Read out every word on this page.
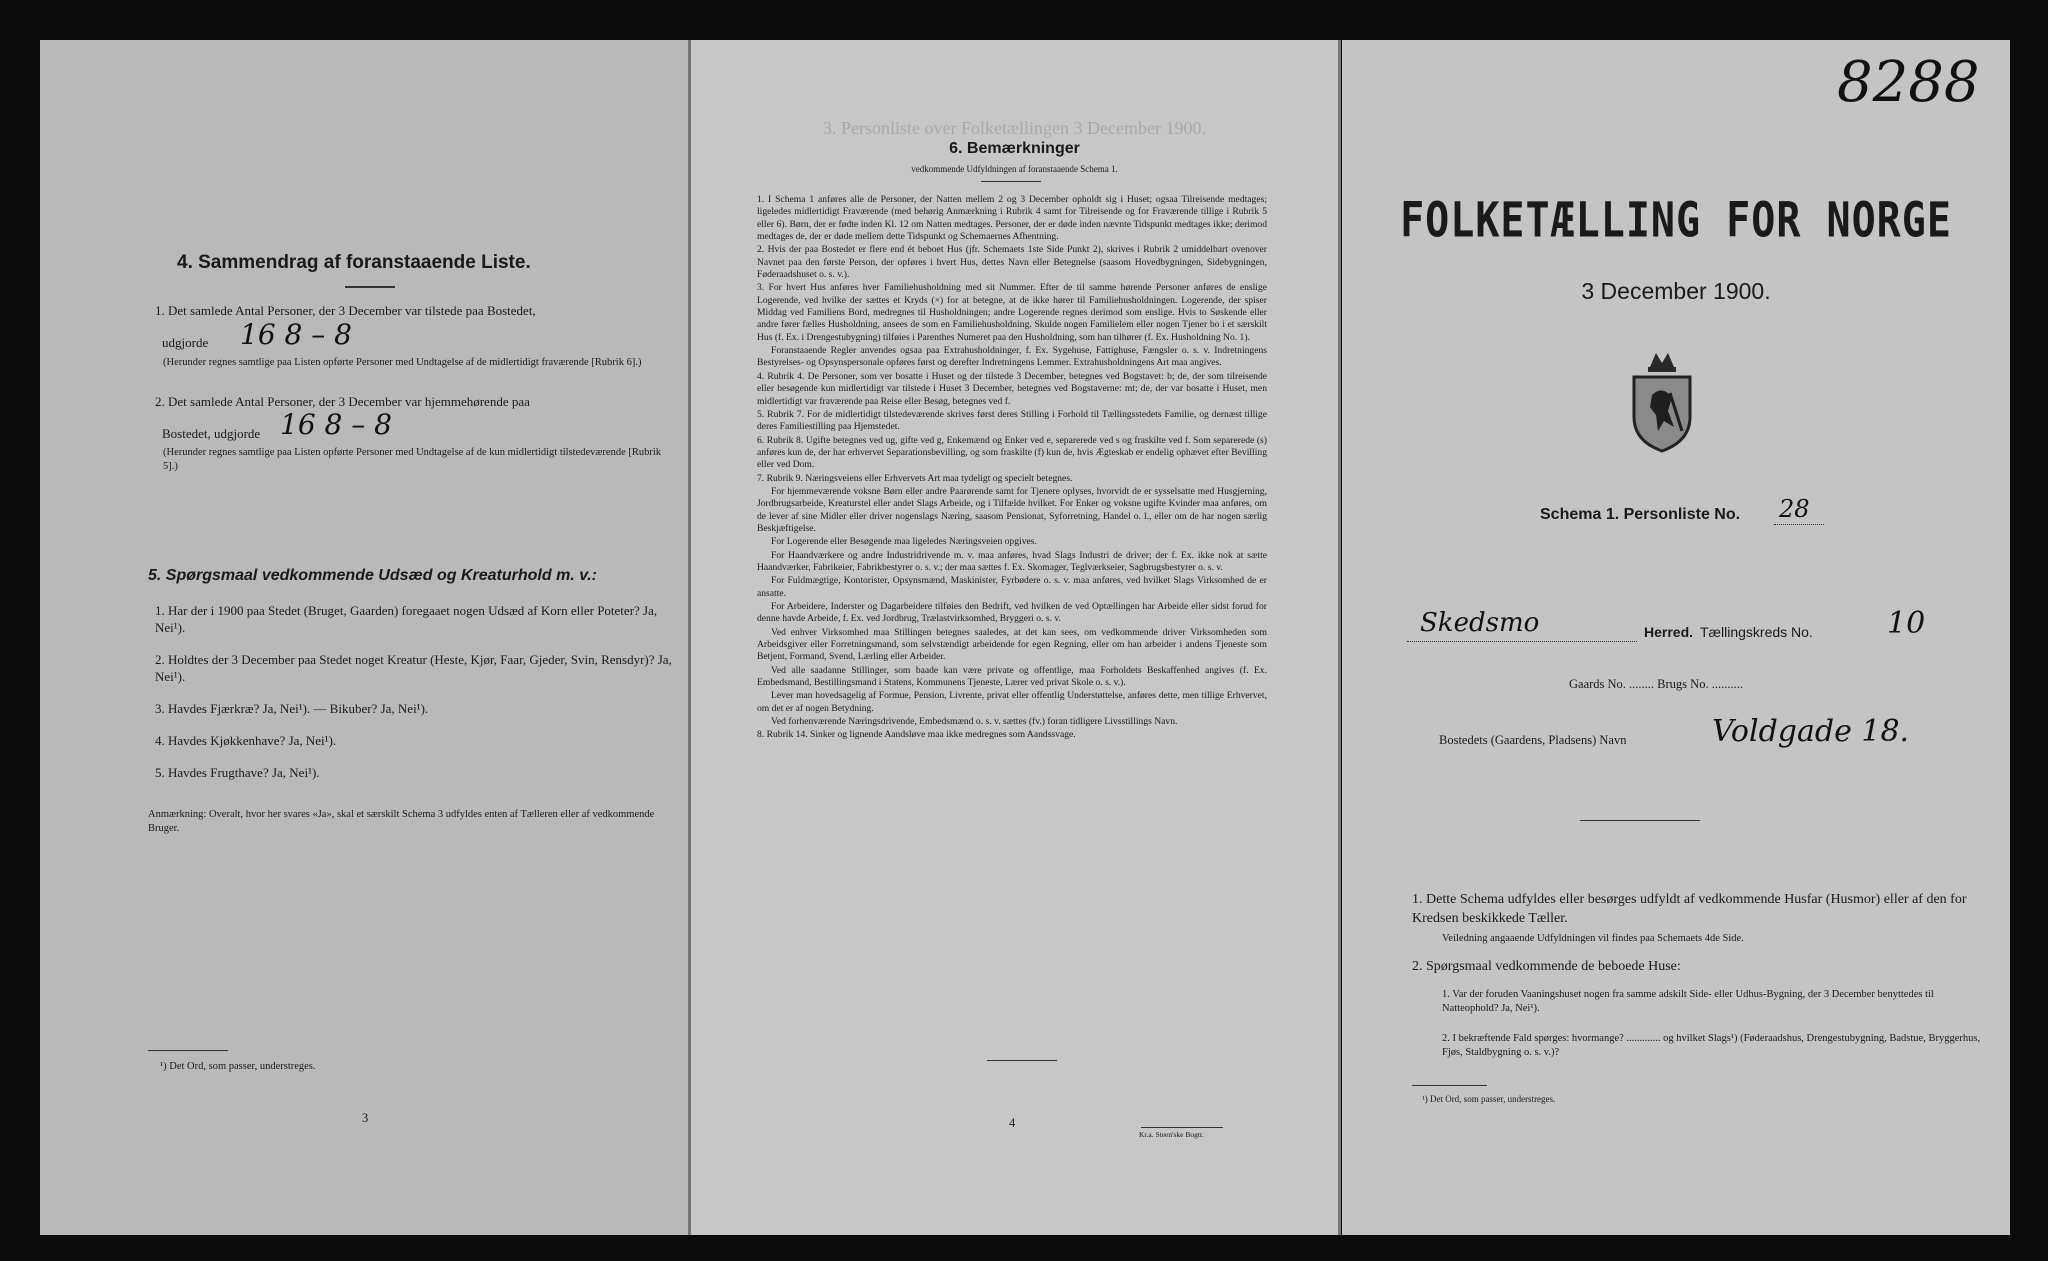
4. Sammendrag af foranstaaende Liste.
1. Det samlede Antal Personer, der 3 December var tilstede paa Bostedet,
udgjorde 16 8 – 8
(Herunder regnes samtlige paa Listen opførte Personer med Undtagelse af de midlertidigt fraværende [Rubrik 6].)
2. Det samlede Antal Personer, der 3 December var hjemmehørende paa
Bostedet, udgjorde 16 8 – 8
(Herunder regnes samtlige paa Listen opførte Personer med Undtagelse af de kun midlertidigt tilstedeværende [Rubrik 5].)
5. Spørgsmaal vedkommende Udsæd og Kreaturhold m. v.:
1. Har der i 1900 paa Stedet (Bruget, Gaarden) foregaaet nogen Udsæd af Korn eller Poteter? Ja, Nei¹).
2. Holdtes der 3 December paa Stedet noget Kreatur (Heste, Kjør, Faar, Gjeder, Svin, Rensdyr)? Ja, Nei¹).
3. Havdes Fjærkræ? Ja, Nei¹). — Bikuber? Ja, Nei¹).
4. Havdes Kjøkkenhave? Ja, Nei¹).
5. Havdes Frugthave? Ja, Nei¹).
Anmærkning: Overalt, hvor her svares «Ja», skal et særskilt Schema 3 udfyldes enten af Tælleren eller af vedkommende Bruger.
¹) Det Ord, som passer, understreges.
3
3. Personliste over Folketællingen 3 December 1900.
6. Bemærkninger
vedkommende Udfyldningen af foranstaaende Schema 1.
1. I Schema 1 anføres alle de Personer, der Natten mellem 2 og 3 December opholdt sig i Huset; ogsaa Tilreisende medtages; ligeledes midlertidigt Fraværende (med behørig Anmærkning i Rubrik 4 samt for Tilreisende og for Fraværende tillige i Rubrik 5 eller 6). Børn, der er fødte inden Kl. 12 om Natten medtages. Personer, der er døde inden nævnte Tidspunkt medtages ikke; derimod medtages de, der er døde mellem dette Tidspunkt og Schemaernes Afhentning.
2. Hvis der paa Bostedet er flere end ét beboet Hus (jfr. Schemaets 1ste Side Punkt 2), skrives i Rubrik 2 umiddelbart ovenover Navnet paa den første Person, der opføres i hvert Hus, dettes Navn eller Betegnelse (saasom Hovedbygningen, Sidebygningen, Føderaadshuset o. s. v.).
3. For hvert Hus anføres hver Familiehusholdning med sit Nummer. Efter de til samme hørende Personer anføres de enslige Logerende, ved hvilke der sættes et Kryds (×) for at betegne, at de ikke hører til Familiehusholdningen. Logerende, der spiser Middag ved Familiens Bord, medregnes til Husholdningen; andre Logerende regnes derimod som enslige. Hvis to Søskende eller andre fører fælles Husholdning, ansees de som en Familiehusholdning. Skulde nogen Familielem eller nogen Tjener bo i et særskilt Hus (f. Ex. i Drengestubygning) tilføies i Parenthes Numeret paa den Husholdning, som han tilhører (f. Ex. Husholdning No. 1).
Foranstaaende Regler anvendes ogsaa paa Extrahusholdninger, f. Ex. Sygehuse, Fattighuse, Fængsler o. s. v. Indretningens Bestyrelses- og Opsynspersonale opføres først og derefter Indretningens Lemmer. Extrahusholdningens Art maa angives.
4. Rubrik 4. De Personer, som ver bosatte i Huset og der tilstede 3 December, betegnes ved Bogstavet: b; de, der som tilreisende eller besøgende kun midlertidigt var tilstede i Huset 3 December, betegnes ved Bogstaverne: mt; de, der var bosatte i Huset, men midlertidigt var fraværende paa Reise eller Besøg, betegnes ved f.
5. Rubrik 7. For de midlertidigt tilstedeværende skrives først deres Stilling i Forhold til Tællingsstedets Familie, og dernæst tillige deres Familiestilling paa Hjemstedet.
6. Rubrik 8. Ugifte betegnes ved ug, gifte ved g, Enkemænd og Enker ved e, separerede ved s og fraskilte ved f. Som separerede (s) anføres kun de, der har erhvervet Separationsbevilling, og som fraskilte (f) kun de, hvis Ægteskab er endelig ophævet efter Bevilling eller ved Dom.
7. Rubrik 9. Næringsveiens eller Erhvervets Art maa tydeligt og specielt betegnes.
For hjemmeværende voksne Børn eller andre Paarørende samt for Tjenere oplyses, hvorvidt de er sysselsatte med Husgjerning, Jordbrugsarbeide, Kreaturstel eller andet Slags Arbeide, og i Tilfælde hvilket. For Enker og voksne ugifte Kvinder maa anføres, om de lever af sine Midler eller driver nogenslags Næring, saasom Pensionat, Syforretning, Handel o. l., eller om de har nogen særlig Beskjæftigelse.
For Logerende eller Besøgende maa ligeledes Næringsveien opgives.
For Haandværkere og andre Industridrivende m. v. maa anføres, hvad Slags Industri de driver; der f. Ex. ikke nok at sætte Haandværker, Fabrikeier, Fabrikbestyrer o. s. v.; der maa sættes f. Ex. Skomager, Teglværkseier, Sagbrugsbestyrer o. s. v.
For Fuldmægtige, Kontorister, Opsynsmænd, Maskinister, Fyrbødere o. s. v. maa anføres, ved hvilket Slags Virksomhed de er ansatte.
For Arbeidere, Inderster og Dagarbeidere tilføies den Bedrift, ved hvilken de ved Optællingen har Arbeide eller sidst forud for denne havde Arbeide, f. Ex. ved Jordbrug, Trælastvirksomhed, Bryggeri o. s. v.
Ved enhver Virksomhed maa Stillingen betegnes saaledes, at det kan sees, om vedkommende driver Virksomheden som Arbeidsgiver eller Forretningsmand, som selvstændigt arbeidende for egen Regning, eller om han arbeider i andens Tjeneste som Betjent, Formand, Svend, Lærling eller Arbeider.
Ved alle saadanne Stillinger, som baade kan være private og offentlige, maa Forholdets Beskaffenhed angives (f. Ex. Embedsmand, Bestillingsmand i Statens, Kommunens Tjeneste, Lærer ved privat Skole o. s. v.).
Lever man hovedsagelig af Formue, Pension, Livrente, privat eller offentlig Understøttelse, anføres dette, men tillige Erhvervet, om det er af nogen Betydning.
Ved forhenværende Næringsdrivende, Embedsmænd o. s. v. sættes (fv.) foran tidligere Livsstillings Navn.
8. Rubrik 14. Sinker og lignende Aandsløve maa ikke medregnes som Aandssvage.
4
Kr.a. Steen'ske Bogtr.
8288
FOLKETÆLLING FOR NORGE
3 December 1900.
Schema 1. Personliste No. 28
Skedsmo	Herred. Tællingskreds No. 10
Gaards No. ........ Brugs No. ..........
Bostedets (Gaardens, Pladsens) Navn	Voldgade 18.
1. Dette Schema udfyldes eller besørges udfyldt af vedkommende Husfar (Husmor) eller af den for Kredsen beskikkede Tæller.
Veiledning angaaende Udfyldningen vil findes paa Schemaets 4de Side.
2. Spørgsmaal vedkommende de beboede Huse:
1. Var der foruden Vaaningshuset nogen fra samme adskilt Side- eller Udhus-Bygning, der 3 December benyttedes til Natteophold? Ja, Nei¹).
2. I bekræftende Fald spørges: hvormange? ............. og hvilket Slags¹) (Føderaadshus, Drengestubygning, Badstue, Bryggerhus, Fjøs, Staldbygning o. s. v.)?
¹) Det Ord, som passer, understreges.
